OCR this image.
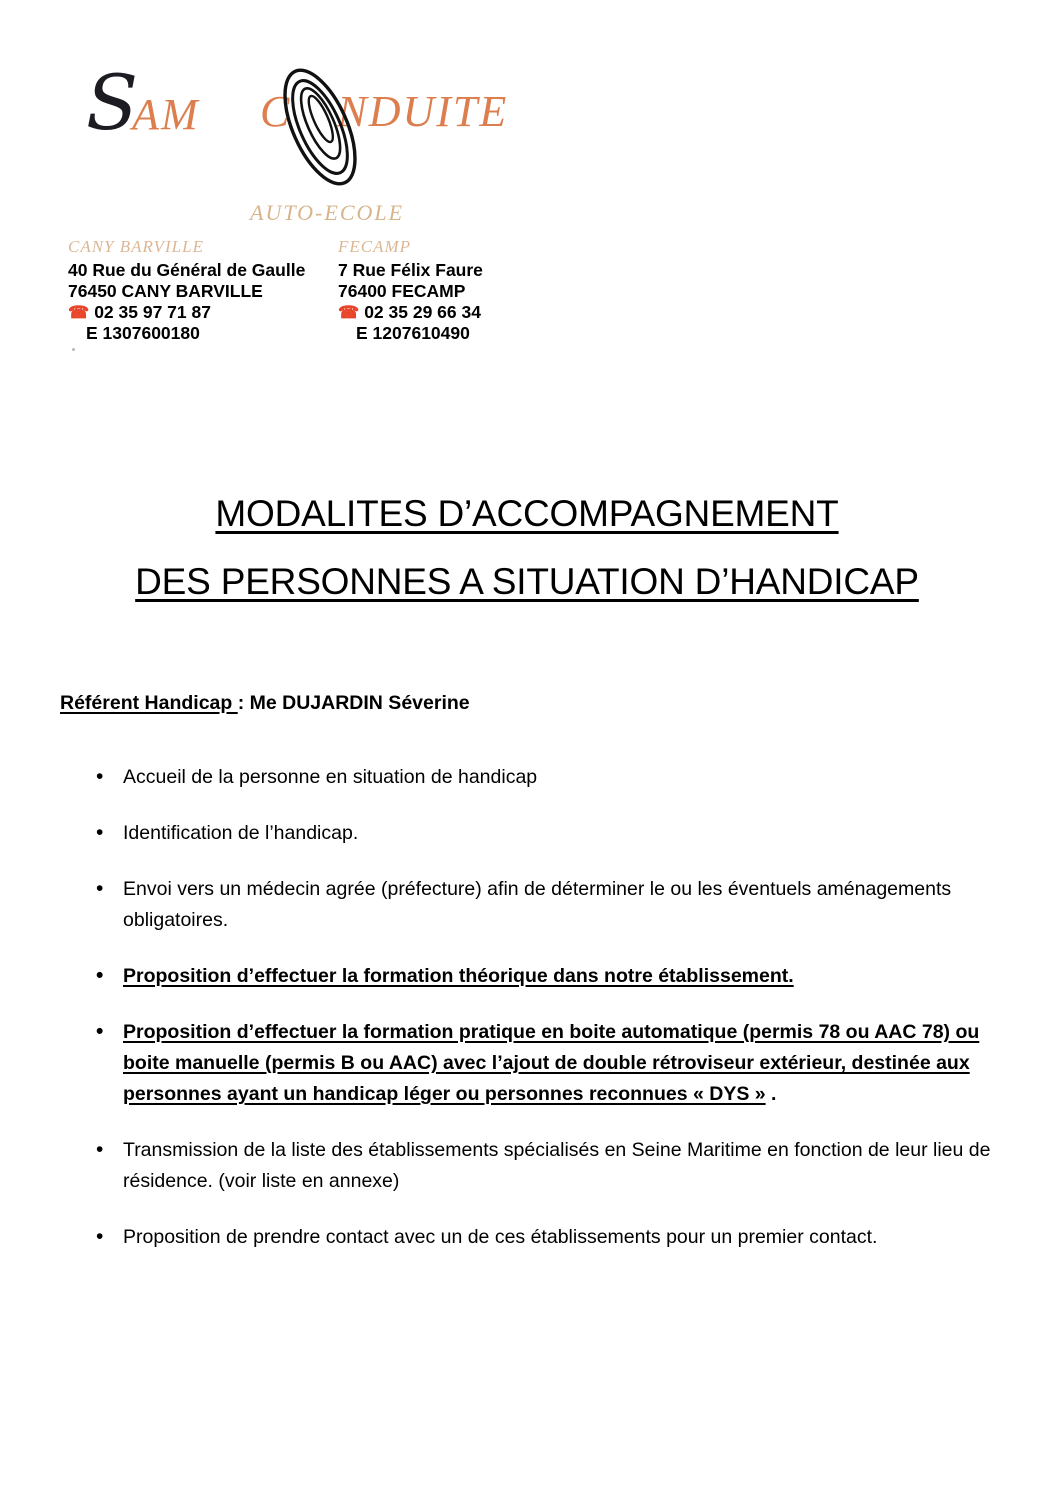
SAM C NDUITE
AUTO-ECOLE
CANY BARVILLE
40 Rue du Général de Gaulle
76450 CANY BARVILLE
☎ 02 35 97 71 87
E 1307600180
FECAMP
7 Rue Félix Faure
76400 FECAMP
☎ 02 35 29 66 34
E 1207610490
MODALITES D’ACCOMPAGNEMENT
DES PERSONNES A SITUATION D’HANDICAP

Référent Handicap : Me DUJARDIN Séverine

• Accueil de la personne en situation de handicap
• Identification de l’handicap.
• Envoi vers un médecin agrée (préfecture) afin de déterminer le ou les éventuels aménagements obligatoires.
• Proposition d’effectuer la formation théorique dans notre établissement.
• Proposition d’effectuer la formation pratique en boite automatique (permis 78 ou AAC 78) ou boite manuelle (permis B ou AAC) avec l’ajout de double rétroviseur extérieur, destinée aux personnes ayant un handicap léger ou personnes reconnues « DYS » .
• Transmission de la liste des établissements spécialisés en Seine Maritime en fonction de leur lieu de résidence. (voir liste en annexe)
• Proposition de prendre contact avec un de ces établissements pour un premier contact.
